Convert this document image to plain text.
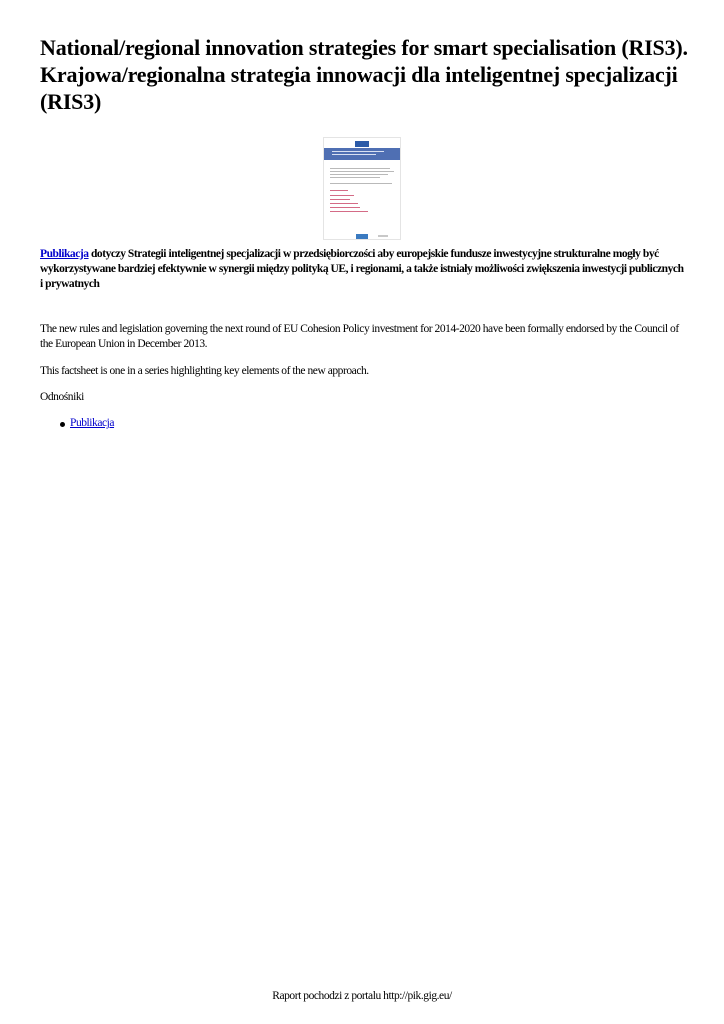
National/regional innovation strategies for smart specialisation (RIS3). Krajowa/regionalna strategia innowacji dla inteligentnej specjalizacji (RIS3)

Publikacja dotyczy Strategii inteligentnej specjalizacji w przedsiębiorczości aby europejskie fundusze inwestycyjne strukturalne mogły być wykorzystywane bardziej efektywnie w synergii między polityką UE, i regionami, a także istniały możliwości zwiększenia inwestycji publicznych i prywatnych

The new rules and legislation governing the next round of EU Cohesion Policy investment for 2014-2020 have been formally endorsed by the Council of the European Union in December 2013.

This factsheet is one in a series highlighting key elements of the new approach.

Odnośniki

Publikacja
Raport pochodzi z portalu http://pik.gig.eu/
